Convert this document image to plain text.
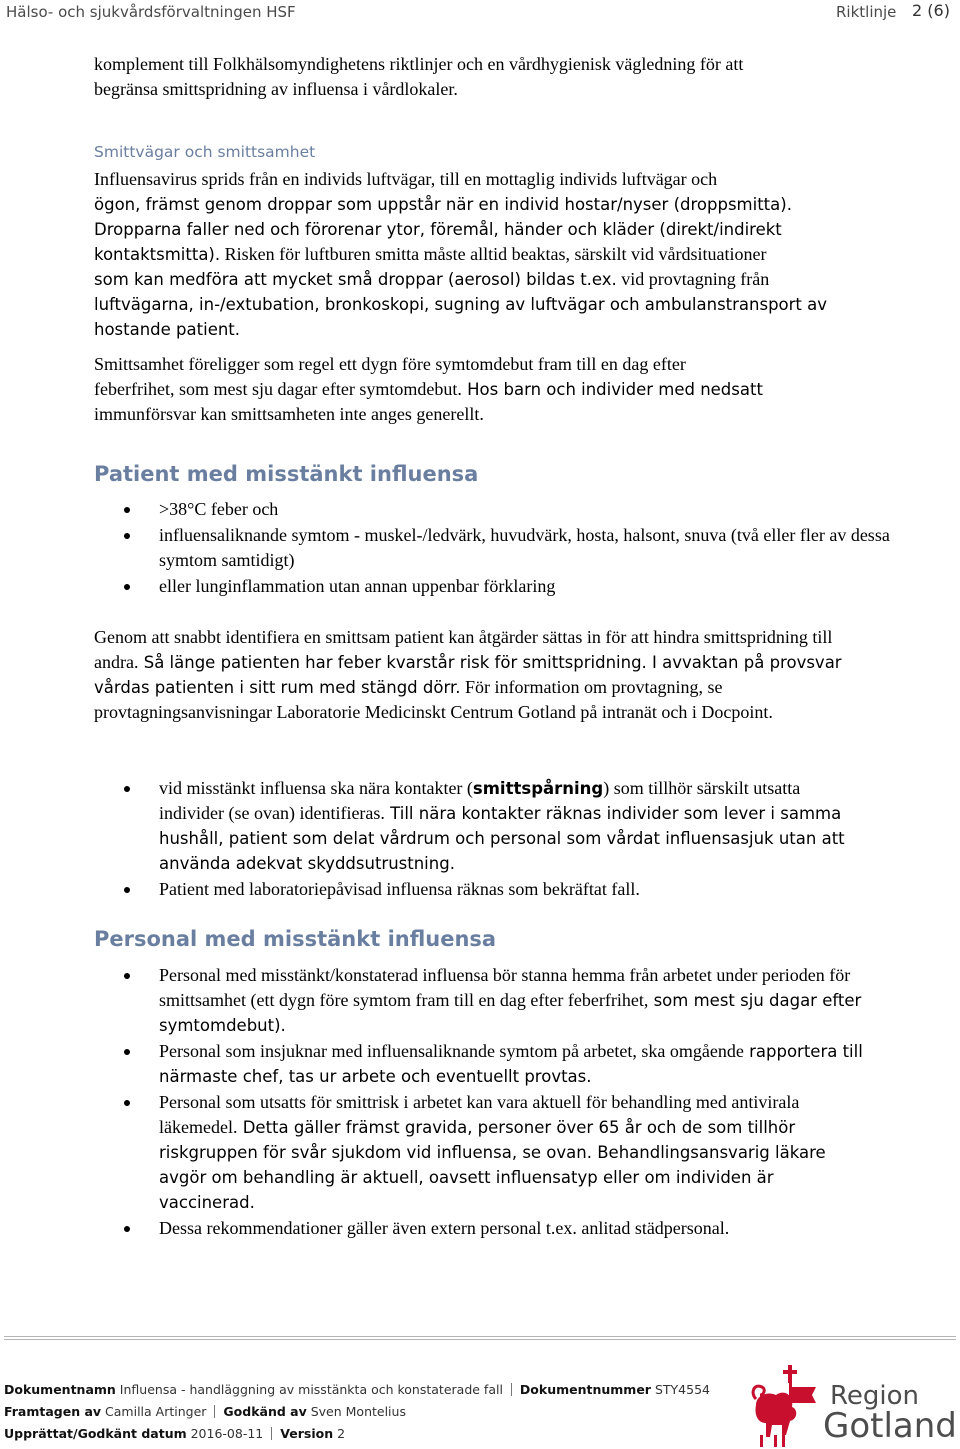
Hälso- och sjukvårdsförvaltningen HSF	Riktlinje 2 (6)

komplement till Folkhälsomyndighetens riktlinjer och en vårdhygienisk vägledning för att
begränsa smittspridning av influensa i vårdlokaler.

Smittvägar och smittsamhet

Influensavirus sprids från en individs luftvägar, till en mottaglig individs luftvägar och
ögon, främst genom droppar som uppstår när en individ hostar/nyser (droppsmitta).
Dropparna faller ned och förorenar ytor, föremål, händer och kläder (direkt/indirekt
kontaktsmitta). Risken för luftburen smitta måste alltid beaktas, särskilt vid vårdsituationer
som kan medföra att mycket små droppar (aerosol) bildas t.ex. vid provtagning från
luftvägarna, in-/extubation, bronkoskopi, sugning av luftvägar och ambulanstransport av
hostande patient.

Smittsamhet föreligger som regel ett dygn före symtomdebut fram till en dag efter
feberfrihet, som mest sju dagar efter symtomdebut. Hos barn och individer med nedsatt
immunförsvar kan smittsamheten inte anges generellt.

Patient med misstänkt influensa
>38°C feber och
influensaliknande symtom - muskel-/ledvärk, huvudvärk, hosta, halsont, snuva (två eller fler av dessa symtom samtidigt)
eller lunginflammation utan annan uppenbar förklaring

Genom att snabbt identifiera en smittsam patient kan åtgärder sättas in för att hindra smittspridning till andra. Så länge patienten har feber kvarstår risk för smittspridning. I avvaktan på provsvar vårdas patienten i sitt rum med stängd dörr. För information om provtagning, se provtagningsanvisningar Laboratorie Medicinskt Centrum Gotland på intranät och i Docpoint.

vid misstänkt influensa ska nära kontakter (smittspårning) som tillhör särskilt utsatta individer (se ovan) identifieras. Till nära kontakter räknas individer som lever i samma hushåll, patient som delat vårdrum och personal som vårdat influensasjuk utan att använda adekvat skyddsutrustning.
Patient med laboratoriepåvisad influensa räknas som bekräftat fall.
Personal med misstänkt influensa
Personal med misstänkt/konstaterad influensa bör stanna hemma från arbetet under perioden för smittsamhet (ett dygn före symtom fram till en dag efter feberfrihet, som mest sju dagar efter symtomdebut).
Personal som insjuknar med influensaliknande symtom på arbetet, ska omgående rapportera till närmaste chef, tas ur arbete och eventuellt provtas.
Personal som utsatts för smittrisk i arbetet kan vara aktuell för behandling med antivirala läkemedel. Detta gäller främst gravida, personer över 65 år och de som tillhör riskgruppen för svår sjukdom vid influensa, se ovan. Behandlingsansvarig läkare avgör om behandling är aktuell, oavsett influensatyp eller om individen är vaccinerad.
Dessa rekommendationer gäller även extern personal t.ex. anlitad städpersonal.
Dokumentnamn Influensa - handläggning av misstänkta och konstaterade fall Dokumentnummer STY4554
Framtagen av Camilla Artinger Godkänd av Sven Montelius
Upprättat/Godkänt datum 2016-08-11 Version 2
Region
Gotland
